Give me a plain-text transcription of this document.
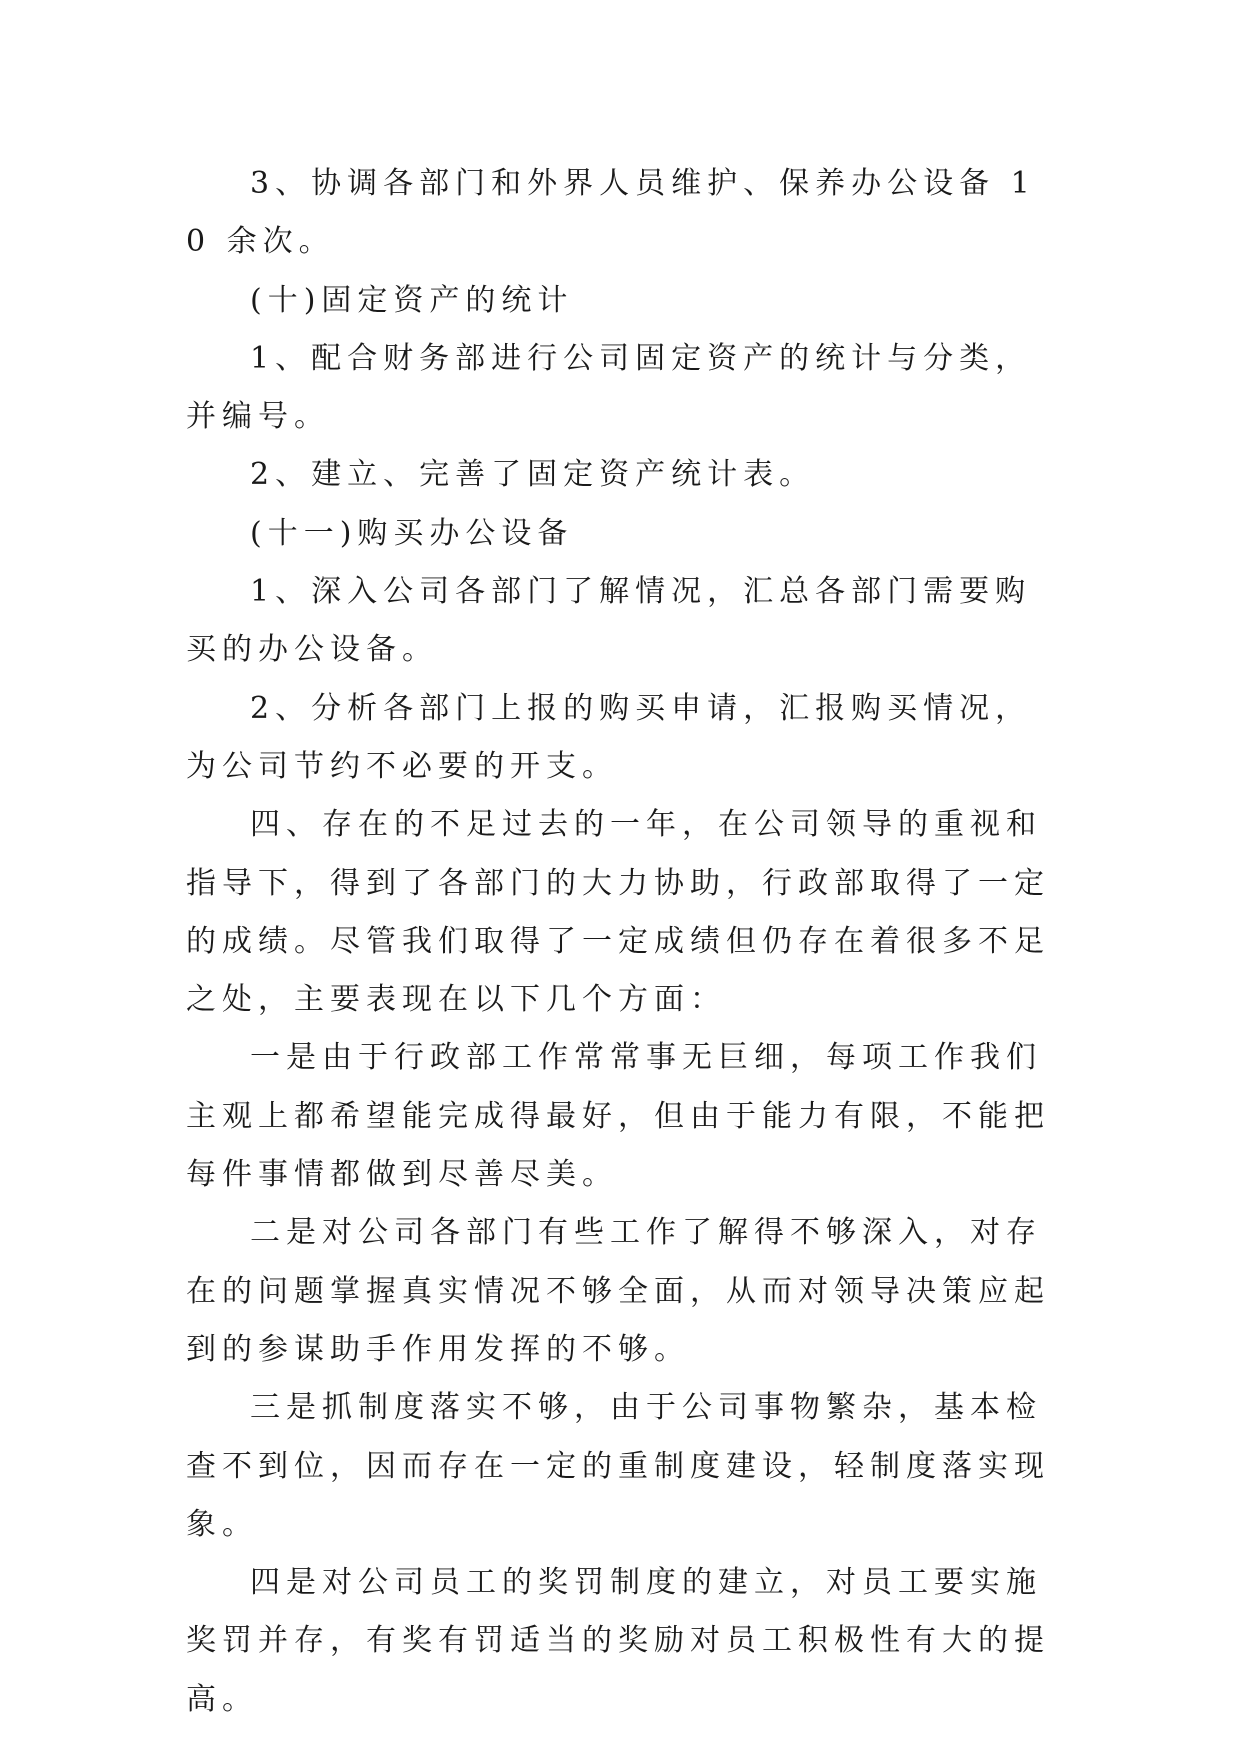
3、协调各部门和外界人员维护、保养办公设备 10 余次。

(十)固定资产的统计

1、配合财务部进行公司固定资产的统计与分类，并编号。

2、建立、完善了固定资产统计表。

(十一)购买办公设备

1、深入公司各部门了解情况，汇总各部门需要购买的办公设备。

2、分析各部门上报的购买申请，汇报购买情况，为公司节约不必要的开支。

四、存在的不足过去的一年，在公司领导的重视和指导下，得到了各部门的大力协助，行政部取得了一定的成绩。尽管我们取得了一定成绩但仍存在着很多不足之处，主要表现在以下几个方面：

一是由于行政部工作常常事无巨细，每项工作我们主观上都希望能完成得最好，但由于能力有限，不能把每件事情都做到尽善尽美。

二是对公司各部门有些工作了解得不够深入，对存在的问题掌握真实情况不够全面，从而对领导决策应起到的参谋助手作用发挥的不够。

三是抓制度落实不够，由于公司事物繁杂，基本检查不到位，因而存在一定的重制度建设，轻制度落实现象。

四是对公司员工的奖罚制度的建立，对员工要实施奖罚并存，有奖有罚适当的奖励对员工积极性有大的提高。
